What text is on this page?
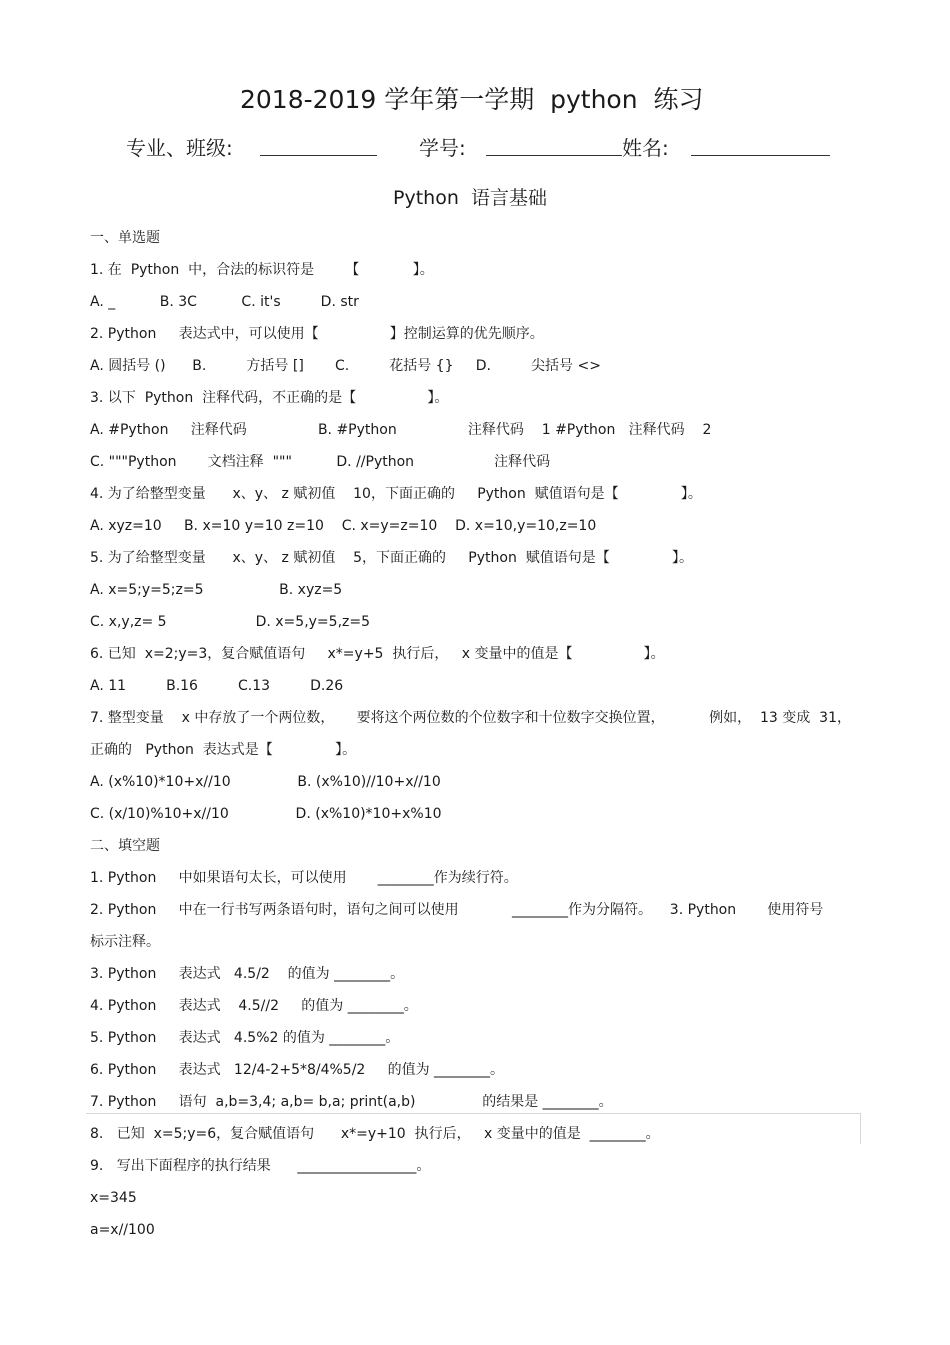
2018-2019 学年第一学期  python  练习
专业、班级:	学号:	姓名:
Python  语言基础
一、单选题
1. 在  Python  中，合法的标识符是       【            】。
A. _          B. 3C          C. it's         D. str
2. Python     表达式中，可以使用【                】控制运算的优先顺序。
A. 圆括号 ()      B.         方括号 []       C.         花括号 {}     D.         尖括号 <>
3. 以下  Python  注释代码，不正确的是【                】。
A. #Python     注释代码                B. #Python                注释代码    1 #Python   注释代码    2
C. """Python       文档注释  """          D. //Python                  注释代码
4. 为了给整型变量      x、y、 z 赋初值    10，下面正确的     Python  赋值语句是【              】。
A. xyz=10     B. x=10 y=10 z=10    C. x=y=z=10    D. x=10,y=10,z=10
5. 为了给整型变量      x、y、 z 赋初值    5，下面正确的     Python  赋值语句是【              】。
A. x=5;y=5;z=5                 B. xyz=5
C. x,y,z= 5                    D. x=5,y=5,z=5
6. 已知  x=2;y=3，复合赋值语句     x*=y+5  执行后，   x 变量中的值是【                】。
A. 11         B.16         C.13         D.26
7. 整型变量    x 中存放了一个两位数，     要将这个两位数的个位数字和十位数字交换位置，          例如，  13 变成  31，
正确的   Python  表达式是【              】。
A. (x%10)*10+x//10               B. (x%10)//10+x//10
C. (x/10)%10+x//10               D. (x%10)*10+x%10
二、填空题
1. Python     中如果语句太长，可以使用       ________作为续行符。
2. Python     中在一行书写两条语句时，语句之间可以使用            ________作为分隔符。    3. Python       使用符号
标示注释。
3. Python     表达式   4.5/2    的值为 ________。
4. Python     表达式    4.5//2     的值为 ________。
5. Python     表达式   4.5%2 的值为 ________。
6. Python     表达式   12/4-2+5*8/4%5/2     的值为 ________。
7. Python     语句  a,b=3,4; a,b= b,a; print(a,b)               的结果是 ________。
8.   已知  x=5;y=6，复合赋值语句      x*=y+10  执行后，   x 变量中的值是  ________。
9.   写出下面程序的执行结果      _________________。
x=345
a=x//100
